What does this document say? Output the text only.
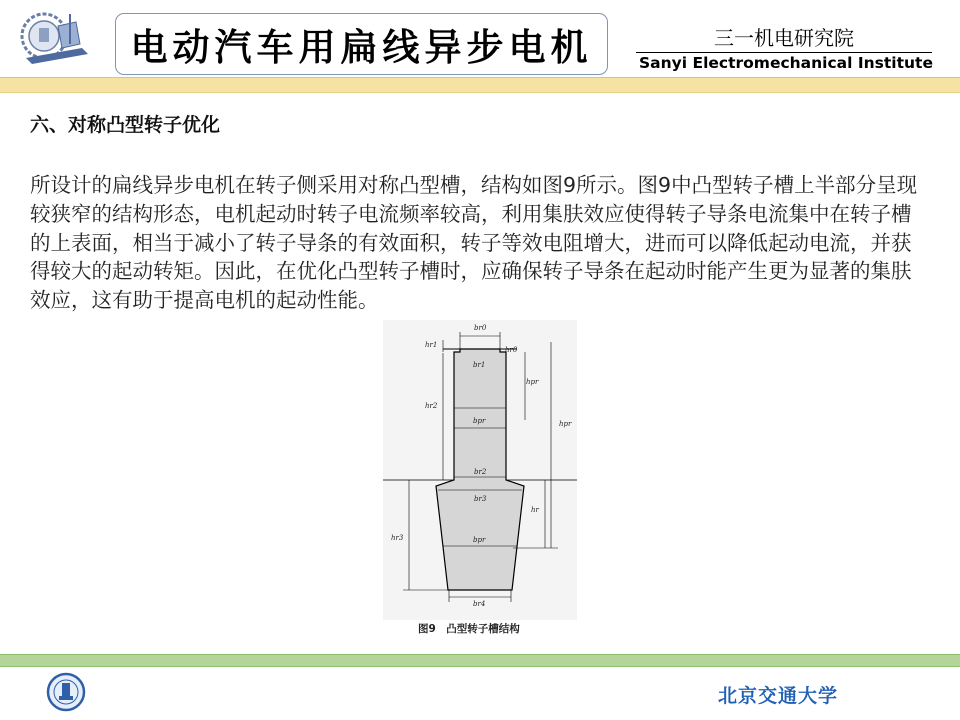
电动汽车用扁线异步电机	三一机电研究院
Sanyi Electromechanical Institute
六、对称凸型转子优化
所设计的扁线异步电机在转子侧采用对称凸型槽，结构如图9所示。图9中凸型转子槽上半部分呈现较狭窄的结构形态，电机起动时转子电流频率较高，利用集肤效应使得转子导条电流集中在转子槽的上表面，相当于减小了转子导条的有效面积，转子等效电阻增大，进而可以降低起动电流，并获得较大的起动转矩。因此，在优化凸型转子槽时，应确保转子导条在起动时能产生更为显著的集肤效应，这有助于提高电机的起动性能。
br0
hr1
hr0
br1
hr2
hpr
hpr
bpr
br2
br3
hr
hr3	bpr
br4
图9　凸型转子槽结构
北京交通大学
